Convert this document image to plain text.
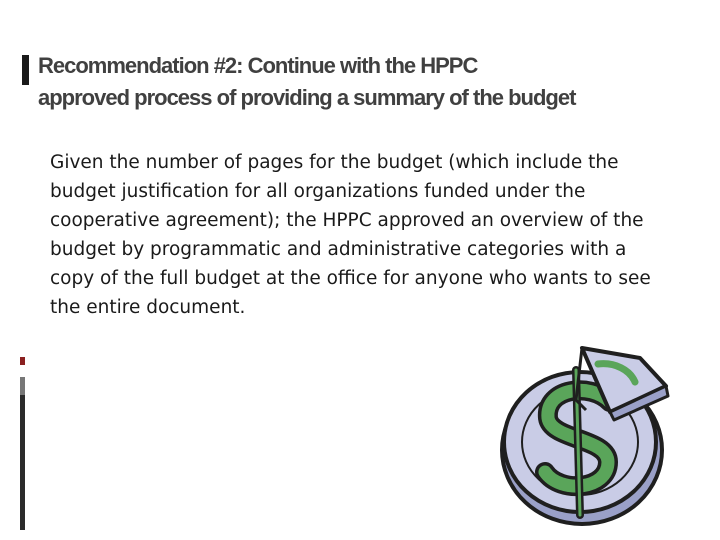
Recommendation #2: Continue with the HPPC
approved process of providing a summary of the budget

Given the number of pages for the budget (which include the budget justification for all organizations funded under the cooperative agreement); the HPPC approved an overview of the budget by programmatic and administrative categories with a copy of the full budget at the office for anyone who wants to see the entire document.
